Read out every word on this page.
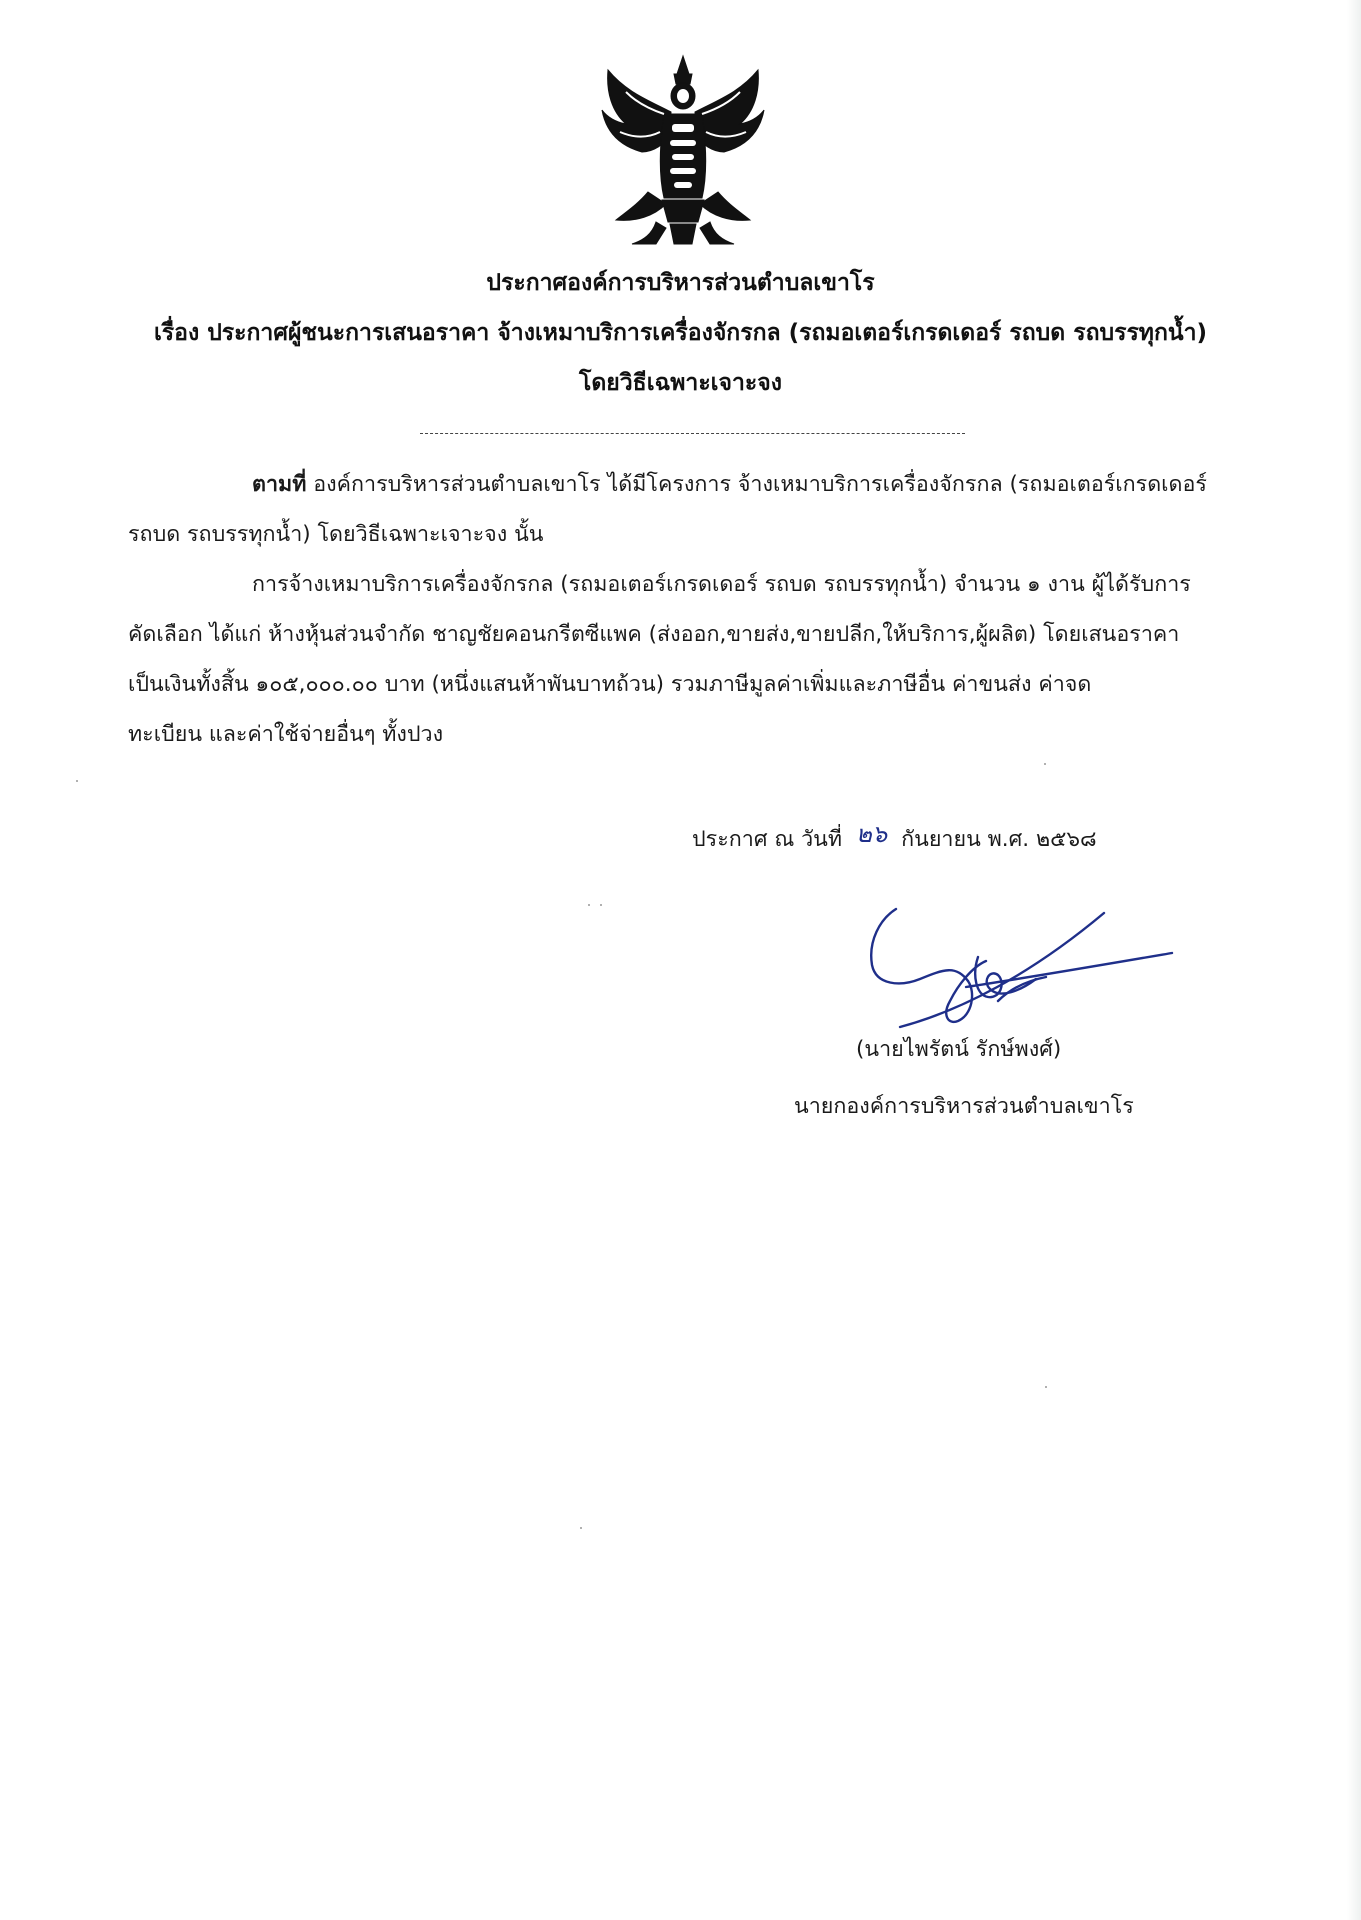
ประกาศองค์การบริหารส่วนตำบลเขาโร
เรื่อง ประกาศผู้ชนะการเสนอราคา จ้างเหมาบริการเครื่องจักรกล (รถมอเตอร์เกรดเดอร์ รถบด รถบรรทุกน้ำ)
โดยวิธีเฉพาะเจาะจง
ตามที่ องค์การบริหารส่วนตำบลเขาโร ได้มีโครงการ จ้างเหมาบริการเครื่องจักรกล (รถมอเตอร์เกรดเดอร์
รถบด รถบรรทุกน้ำ) โดยวิธีเฉพาะเจาะจง นั้น
การจ้างเหมาบริการเครื่องจักรกล (รถมอเตอร์เกรดเดอร์ รถบด รถบรรทุกน้ำ) จำนวน ๑ งาน ผู้ได้รับการ
คัดเลือก ได้แก่ ห้างหุ้นส่วนจำกัด ชาญชัยคอนกรีตซีแพค (ส่งออก,ขายส่ง,ขายปลีก,ให้บริการ,ผู้ผลิต) โดยเสนอราคา
เป็นเงินทั้งสิ้น ๑๐๕,๐๐๐.๐๐ บาท (หนึ่งแสนห้าพันบาทถ้วน) รวมภาษีมูลค่าเพิ่มและภาษีอื่น ค่าขนส่ง ค่าจด
ทะเบียน และค่าใช้จ่ายอื่นๆ ทั้งปวง
ประกาศ ณ วันที่ ๒๖ กันยายน พ.ศ. ๒๕๖๘
(นายไพรัตน์ รักษ์พงศ์)
นายกองค์การบริหารส่วนตำบลเขาโร
